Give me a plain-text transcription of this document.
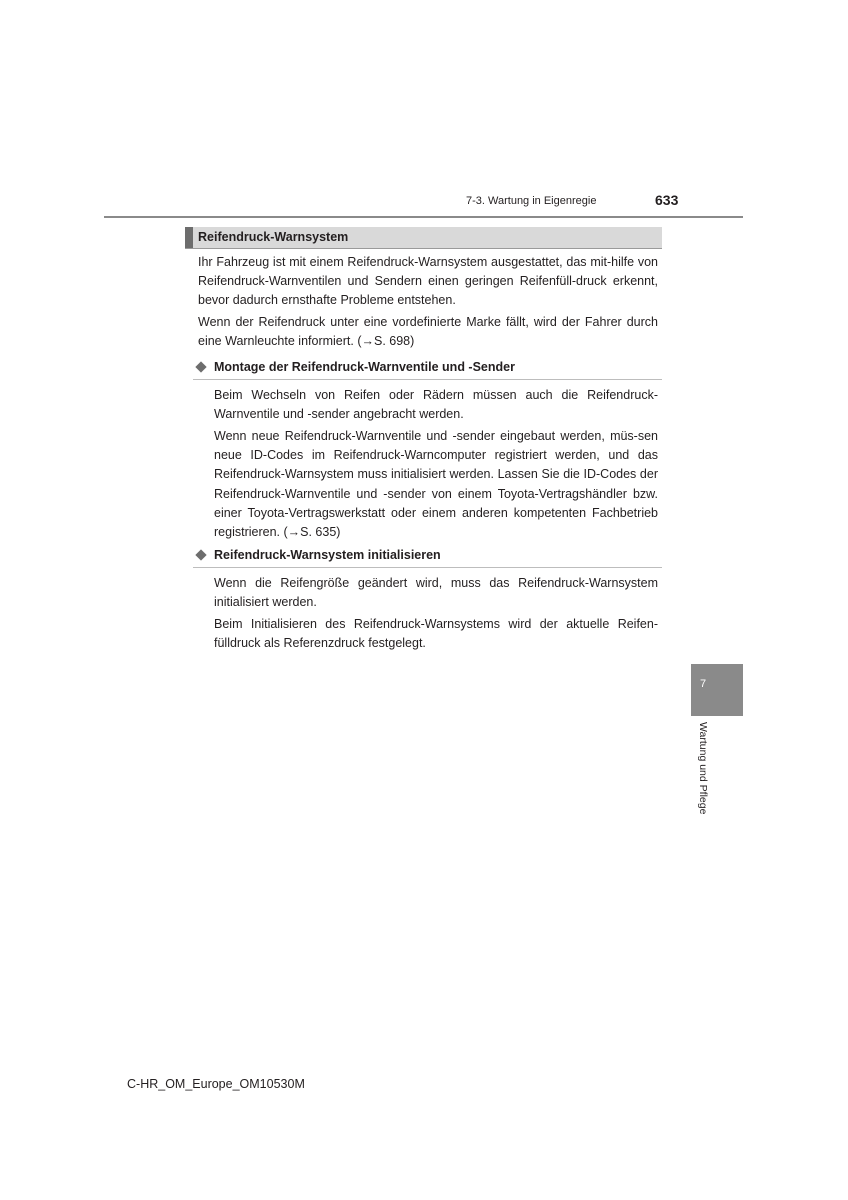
7-3. Wartung in Eigenregie	633
Reifendruck-Warnsystem
Ihr Fahrzeug ist mit einem Reifendruck-Warnsystem ausgestattet, das mit-hilfe von Reifendruck-Warnventilen und Sendern einen geringen Reifenfüll-druck erkennt, bevor dadurch ernsthafte Probleme entstehen.
Wenn der Reifendruck unter eine vordefinierte Marke fällt, wird der Fahrer durch eine Warnleuchte informiert. (→S. 698)
Montage der Reifendruck-Warnventile und -Sender
Beim Wechseln von Reifen oder Rädern müssen auch die Reifendruck-Warnventile und -sender angebracht werden.
Wenn neue Reifendruck-Warnventile und -sender eingebaut werden, müs-sen neue ID-Codes im Reifendruck-Warncomputer registriert werden, und das Reifendruck-Warnsystem muss initialisiert werden. Lassen Sie die ID-Codes der Reifendruck-Warnventile und -sender von einem Toyota-Vertragshändler bzw. einer Toyota-Vertragswerkstatt oder einem anderen kompetenten Fachbetrieb registrieren. (→S. 635)
Reifendruck-Warnsystem initialisieren
Wenn die Reifengröße geändert wird, muss das Reifendruck-Warnsystem initialisiert werden.
Beim Initialisieren des Reifendruck-Warnsystems wird der aktuelle Reifen-fülldruck als Referenzdruck festgelegt.
7
Wartung und Pflege
C-HR_OM_Europe_OM10530M
